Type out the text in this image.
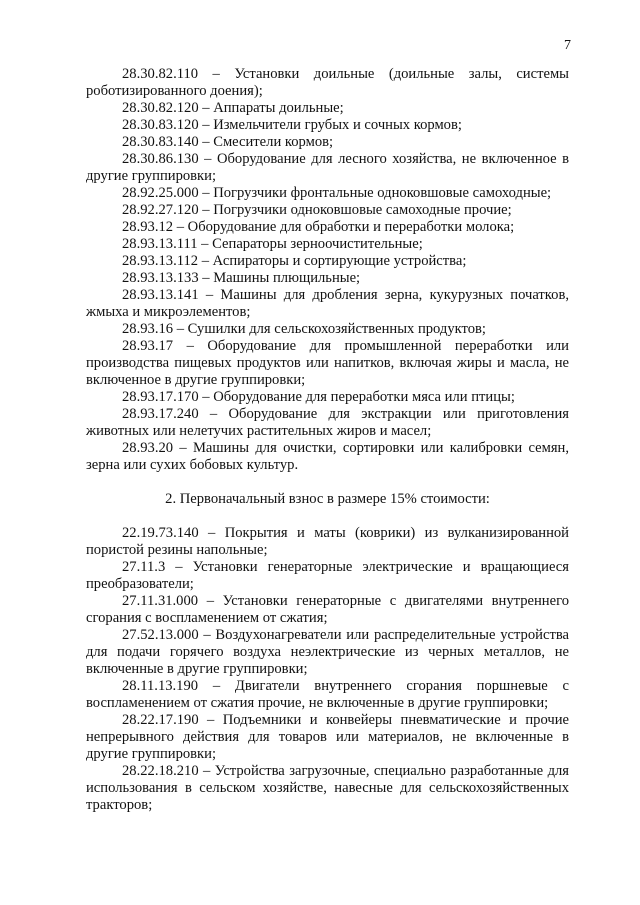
7

28.30.82.110 – Установки доильные (доильные залы, системы роботизированного доения);

28.30.82.120 – Аппараты доильные;

28.30.83.120 – Измельчители грубых и сочных кормов;

28.30.83.140 – Смесители кормов;

28.30.86.130 – Оборудование для лесного хозяйства, не включенное в другие группировки;

28.92.25.000 – Погрузчики фронтальные одноковшовые самоходные;

28.92.27.120 – Погрузчики одноковшовые самоходные прочие;

28.93.12 – Оборудование для обработки и переработки молока;

28.93.13.111 – Сепараторы зерноочистительные;

28.93.13.112 – Аспираторы и сортирующие устройства;

28.93.13.133 – Машины плющильные;

28.93.13.141 – Машины для дробления зерна, кукурузных початков, жмыха и микроэлементов;

28.93.16 – Сушилки для сельскохозяйственных продуктов;

28.93.17 – Оборудование для промышленной переработки или производства пищевых продуктов или напитков, включая жиры и масла, не включенное в другие группировки;

28.93.17.170 – Оборудование для переработки мяса или птицы;

28.93.17.240 – Оборудование для экстракции или приготовления животных или нелетучих растительных жиров и масел;

28.93.20 – Машины для очистки, сортировки или калибровки семян, зерна или сухих бобовых культур.

2. Первоначальный взнос в размере 15% стоимости:

22.19.73.140 – Покрытия и маты (коврики) из вулканизированной пористой резины напольные;

27.11.3 – Установки генераторные электрические и вращающиеся преобразователи;

27.11.31.000 – Установки генераторные с двигателями внутреннего сгорания с воспламенением от сжатия;

27.52.13.000 – Воздухонагреватели или распределительные устройства для подачи горячего воздуха неэлектрические из черных металлов, не включенные в другие группировки;

28.11.13.190 – Двигатели внутреннего сгорания поршневые с воспламенением от сжатия прочие, не включенные в другие группировки;

28.22.17.190 – Подъемники и конвейеры пневматические и прочие непрерывного действия для товаров или материалов, не включенные в другие группировки;

28.22.18.210 – Устройства загрузочные, специально разработанные для использования в сельском хозяйстве, навесные для сельскохозяйственных тракторов;
